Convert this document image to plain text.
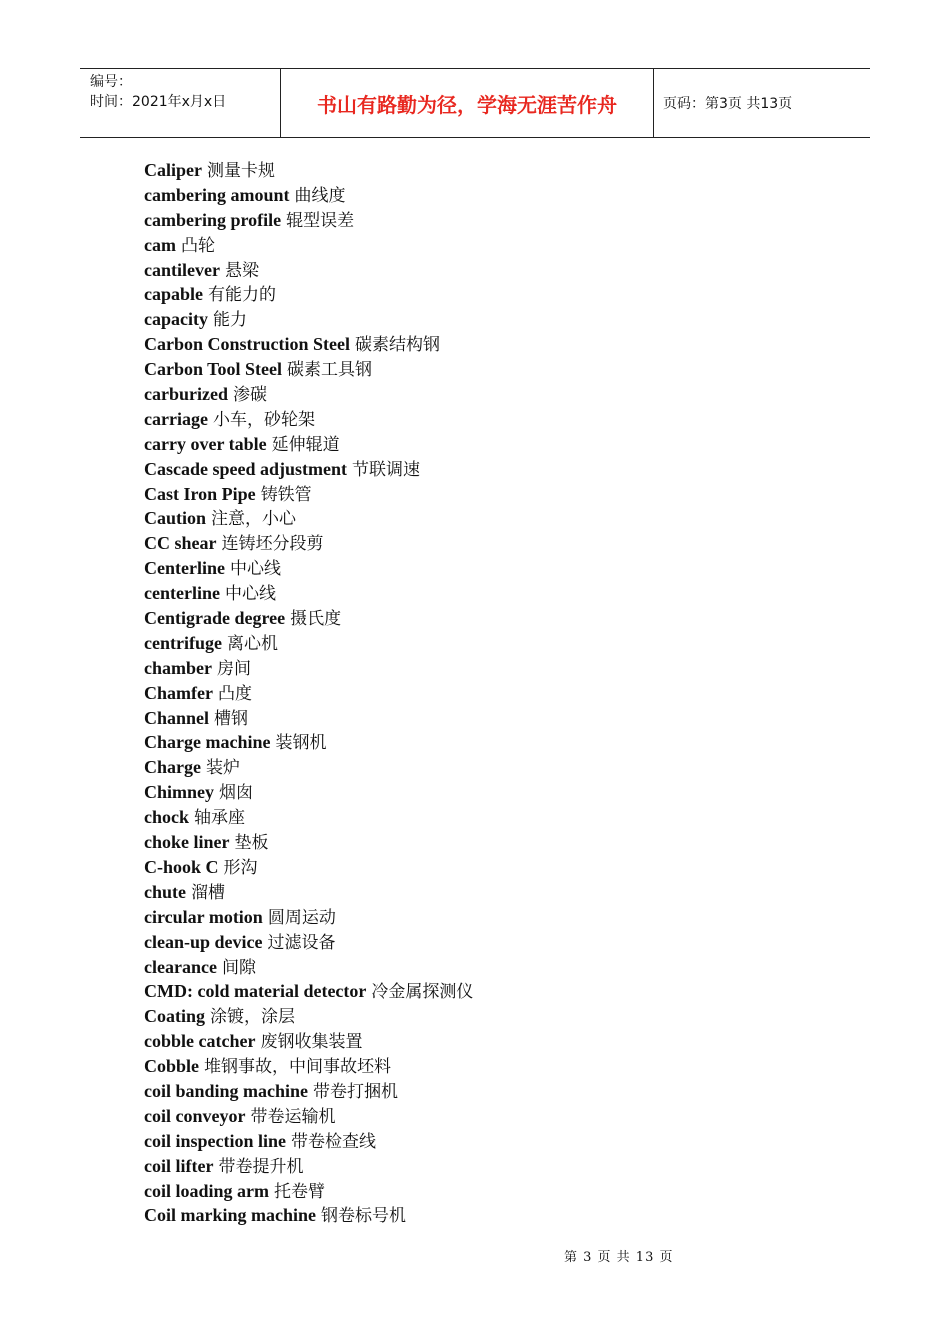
编号：
时间：2021年x月x日	书山有路勤为径，学海无涯苦作舟	页码：第3页 共13页
Caliper 测量卡规
cambering amount 曲线度
cambering profile 辊型误差
cam 凸轮
cantilever 悬梁
capable 有能力的
capacity 能力
Carbon Construction Steel 碳素结构钢
Carbon Tool Steel 碳素工具钢
carburized 渗碳
carriage 小车，砂轮架
carry over table 延伸辊道
Cascade speed adjustment 节联调速
Cast Iron Pipe 铸铁管
Caution 注意，小心
CC shear 连铸坯分段剪
Centerline 中心线
centerline 中心线
Centigrade degree 摄氏度
centrifuge 离心机
chamber 房间
Chamfer 凸度
Channel 槽钢
Charge machine 装钢机
Charge 装炉
Chimney 烟囱
chock 轴承座
choke liner 垫板
C-hook C 形沟
chute 溜槽
circular motion 圆周运动
clean-up device 过滤设备
clearance 间隙
CMD: cold material detector 冷金属探测仪
Coating 涂镀，涂层
cobble catcher 废钢收集装置
Cobble 堆钢事故，中间事故坯料
coil banding machine 带卷打捆机
coil conveyor 带卷运输机
coil inspection line 带卷检查线
coil lifter 带卷提升机
coil loading arm 托卷臂
Coil marking machine 钢卷标号机
第 3 页 共 13 页
